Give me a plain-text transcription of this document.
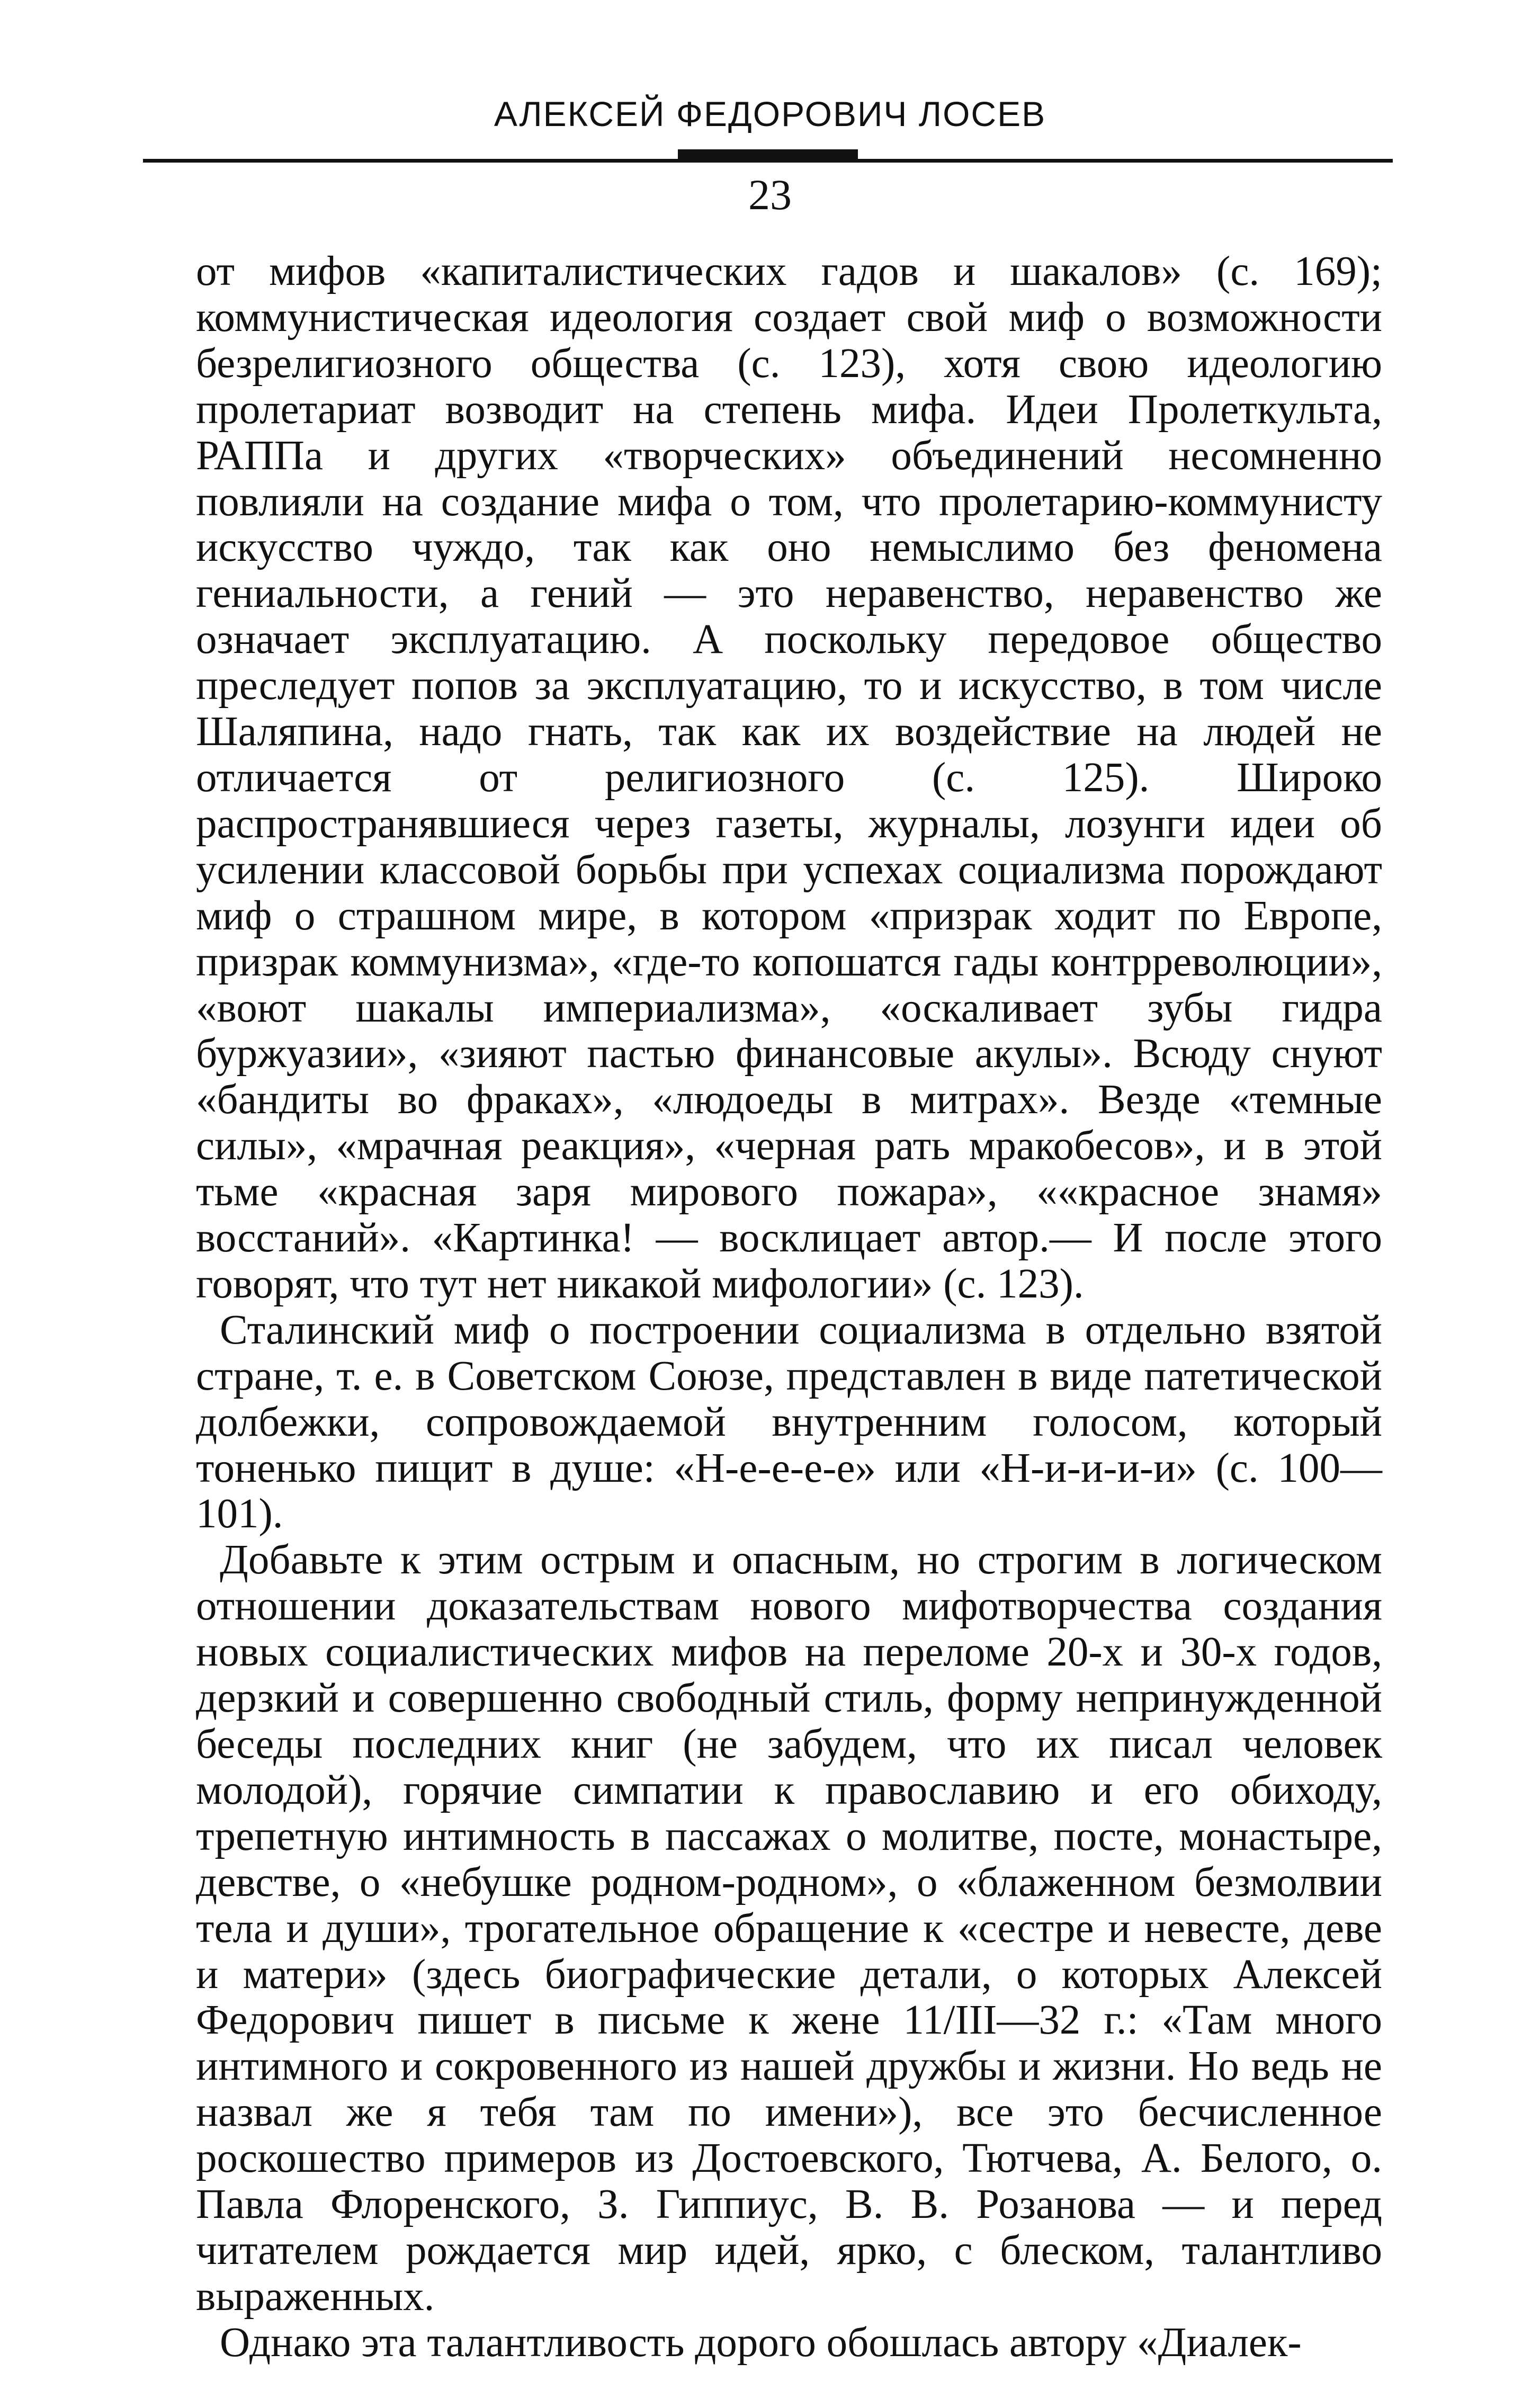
АЛЕКСЕЙ ФЕДОРОВИЧ ЛОСЕВ
23

от мифов «капиталистических гадов и шакалов» (с. 169); коммунистическая идеология создает свой миф о возможности безрелигиозного общества (с. 123), хотя свою идеологию пролетариат возводит на степень мифа. Идеи Пролеткульта, РАППа и других «творческих» объединений несомненно повлияли на создание мифа о том, что пролетарию-коммунисту искусство чуждо, так как оно немыслимо без феномена гениальности, а гений — это неравенство, неравенство же означает эксплуатацию. А поскольку передовое общество преследует попов за эксплуатацию, то и искусство, в том числе Шаляпина, надо гнать, так как их воздействие на людей не отличается от религиозного (с. 125). Широко распространявшиеся через газеты, журналы, лозунги идеи об усилении классовой борьбы при успехах социализма порождают миф о страшном мире, в котором «призрак ходит по Европе, призрак коммунизма», «где-то копошатся гады контрреволюции», «воют шакалы империализма», «оскаливает зубы гидра буржуазии», «зияют пастью финансовые акулы». Всюду снуют «бандиты во фраках», «людоеды в митрах». Везде «темные силы», «мрачная реакция», «черная рать мракобесов», и в этой тьме «красная заря мирового пожара», ««красное знамя» восстаний». «Картинка! — восклицает автор.— И после этого говорят, что тут нет никакой мифологии» (с. 123).

Сталинский миф о построении социализма в отдельно взятой стране, т. е. в Советском Союзе, представлен в виде патетической долбежки, сопровождаемой внутренним голосом, который тоненько пищит в душе: «Н-е-е-е-е» или «Н-и-и-и-и» (с. 100—101).

Добавьте к этим острым и опасным, но строгим в логическом отношении доказательствам нового мифотворчества создания новых социалистических мифов на переломе 20-х и 30-х годов, дерзкий и совершенно свободный стиль, форму непринужденной беседы последних книг (не забудем, что их писал человек молодой), горячие симпатии к православию и его обиходу, трепетную интимность в пассажах о молитве, посте, монастыре, девстве, о «небушке родном-родном», о «блаженном безмолвии тела и души», трогательное обращение к «сестре и невесте, деве и матери» (здесь биографические детали, о которых Алексей Федорович пишет в письме к жене 11/III—32 г.: «Там много интимного и сокровенного из нашей дружбы и жизни. Но ведь не назвал же я тебя там по имени»), все это бесчисленное роскошество примеров из Достоевского, Тютчева, А. Белого, о. Павла Флоренского, З. Гиппиус, В. В. Розанова — и перед читателем рождается мир идей, ярко, с блеском, талантливо выраженных.

Однако эта талантливость дорого обошлась автору «Диалек-
